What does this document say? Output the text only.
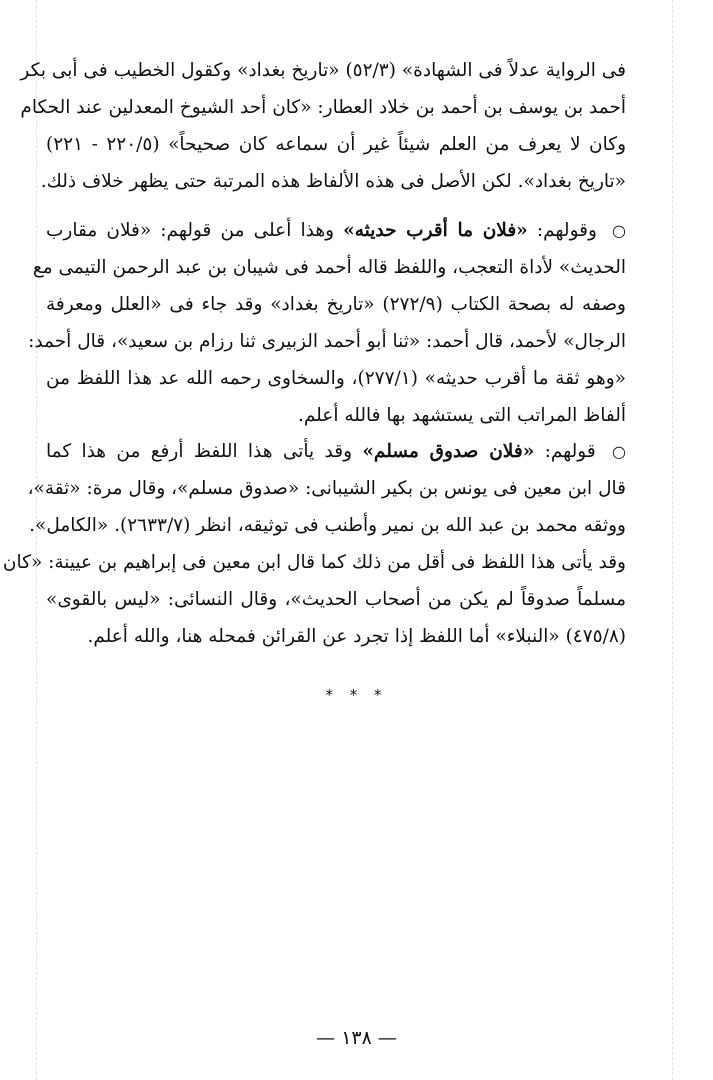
فى الرواية عدلاً فى الشهادة» (٥٢/٣) «تاريخ بغداد» وكقول الخطيب فى أبى بكر
أحمد بن يوسف بن أحمد بن خلاد العطار: «كان أحد الشيوخ المعدلين عند الحكام
وكان لا يعرف من العلم شيئاً غير أن سماعه كان صحيحاً» (٢٢٠/٥ - ٢٢١)
«تاريخ بغداد». لكن الأصل فى هذه الألفاظ هذه المرتبة حتى يظهر خلاف ذلك.
○ وقولهم: «فلان ما أقرب حديثه» وهذا أعلى من قولهم: «فلان مقارب
الحديث» لأداة التعجب، واللفظ قاله أحمد فى شيبان بن عبد الرحمن التيمى مع
وصفه له بصحة الكتاب (٢٧٢/٩) «تاريخ بغداد» وقد جاء فى «العلل ومعرفة
الرجال» لأحمد، قال أحمد: «ثنا أبو أحمد الزبيرى ثنا رزام بن سعيد»، قال أحمد:
«وهو ثقة ما أقرب حديثه» (٢٧٧/١)، والسخاوى رحمه الله عد هذا اللفظ من
ألفاظ المراتب التى يستشهد بها فالله أعلم.
○ قولهم: «فلان صدوق مسلم» وقد يأتى هذا اللفظ أرفع من هذا كما
قال ابن معين فى يونس بن بكير الشيبانى: «صدوق مسلم»، وقال مرة: «ثقة»،
ووثقه محمد بن عبد الله بن نمير وأطنب فى توثيقه، انظر (٢٦٣٣/٧). «الكامل».
وقد يأتى هذا اللفظ فى أقل من ذلك كما قال ابن معين فى إبراهيم بن عيينة: «كان
مسلماً صدوقاً لم يكن من أصحاب الحديث»، وقال النسائى: «ليس بالقوى»
(٤٧٥/٨) «النبلاء» أما اللفظ إذا تجرد عن القرائن فمحله هنا، والله أعلم.
* * *
— ١٣٨ —
